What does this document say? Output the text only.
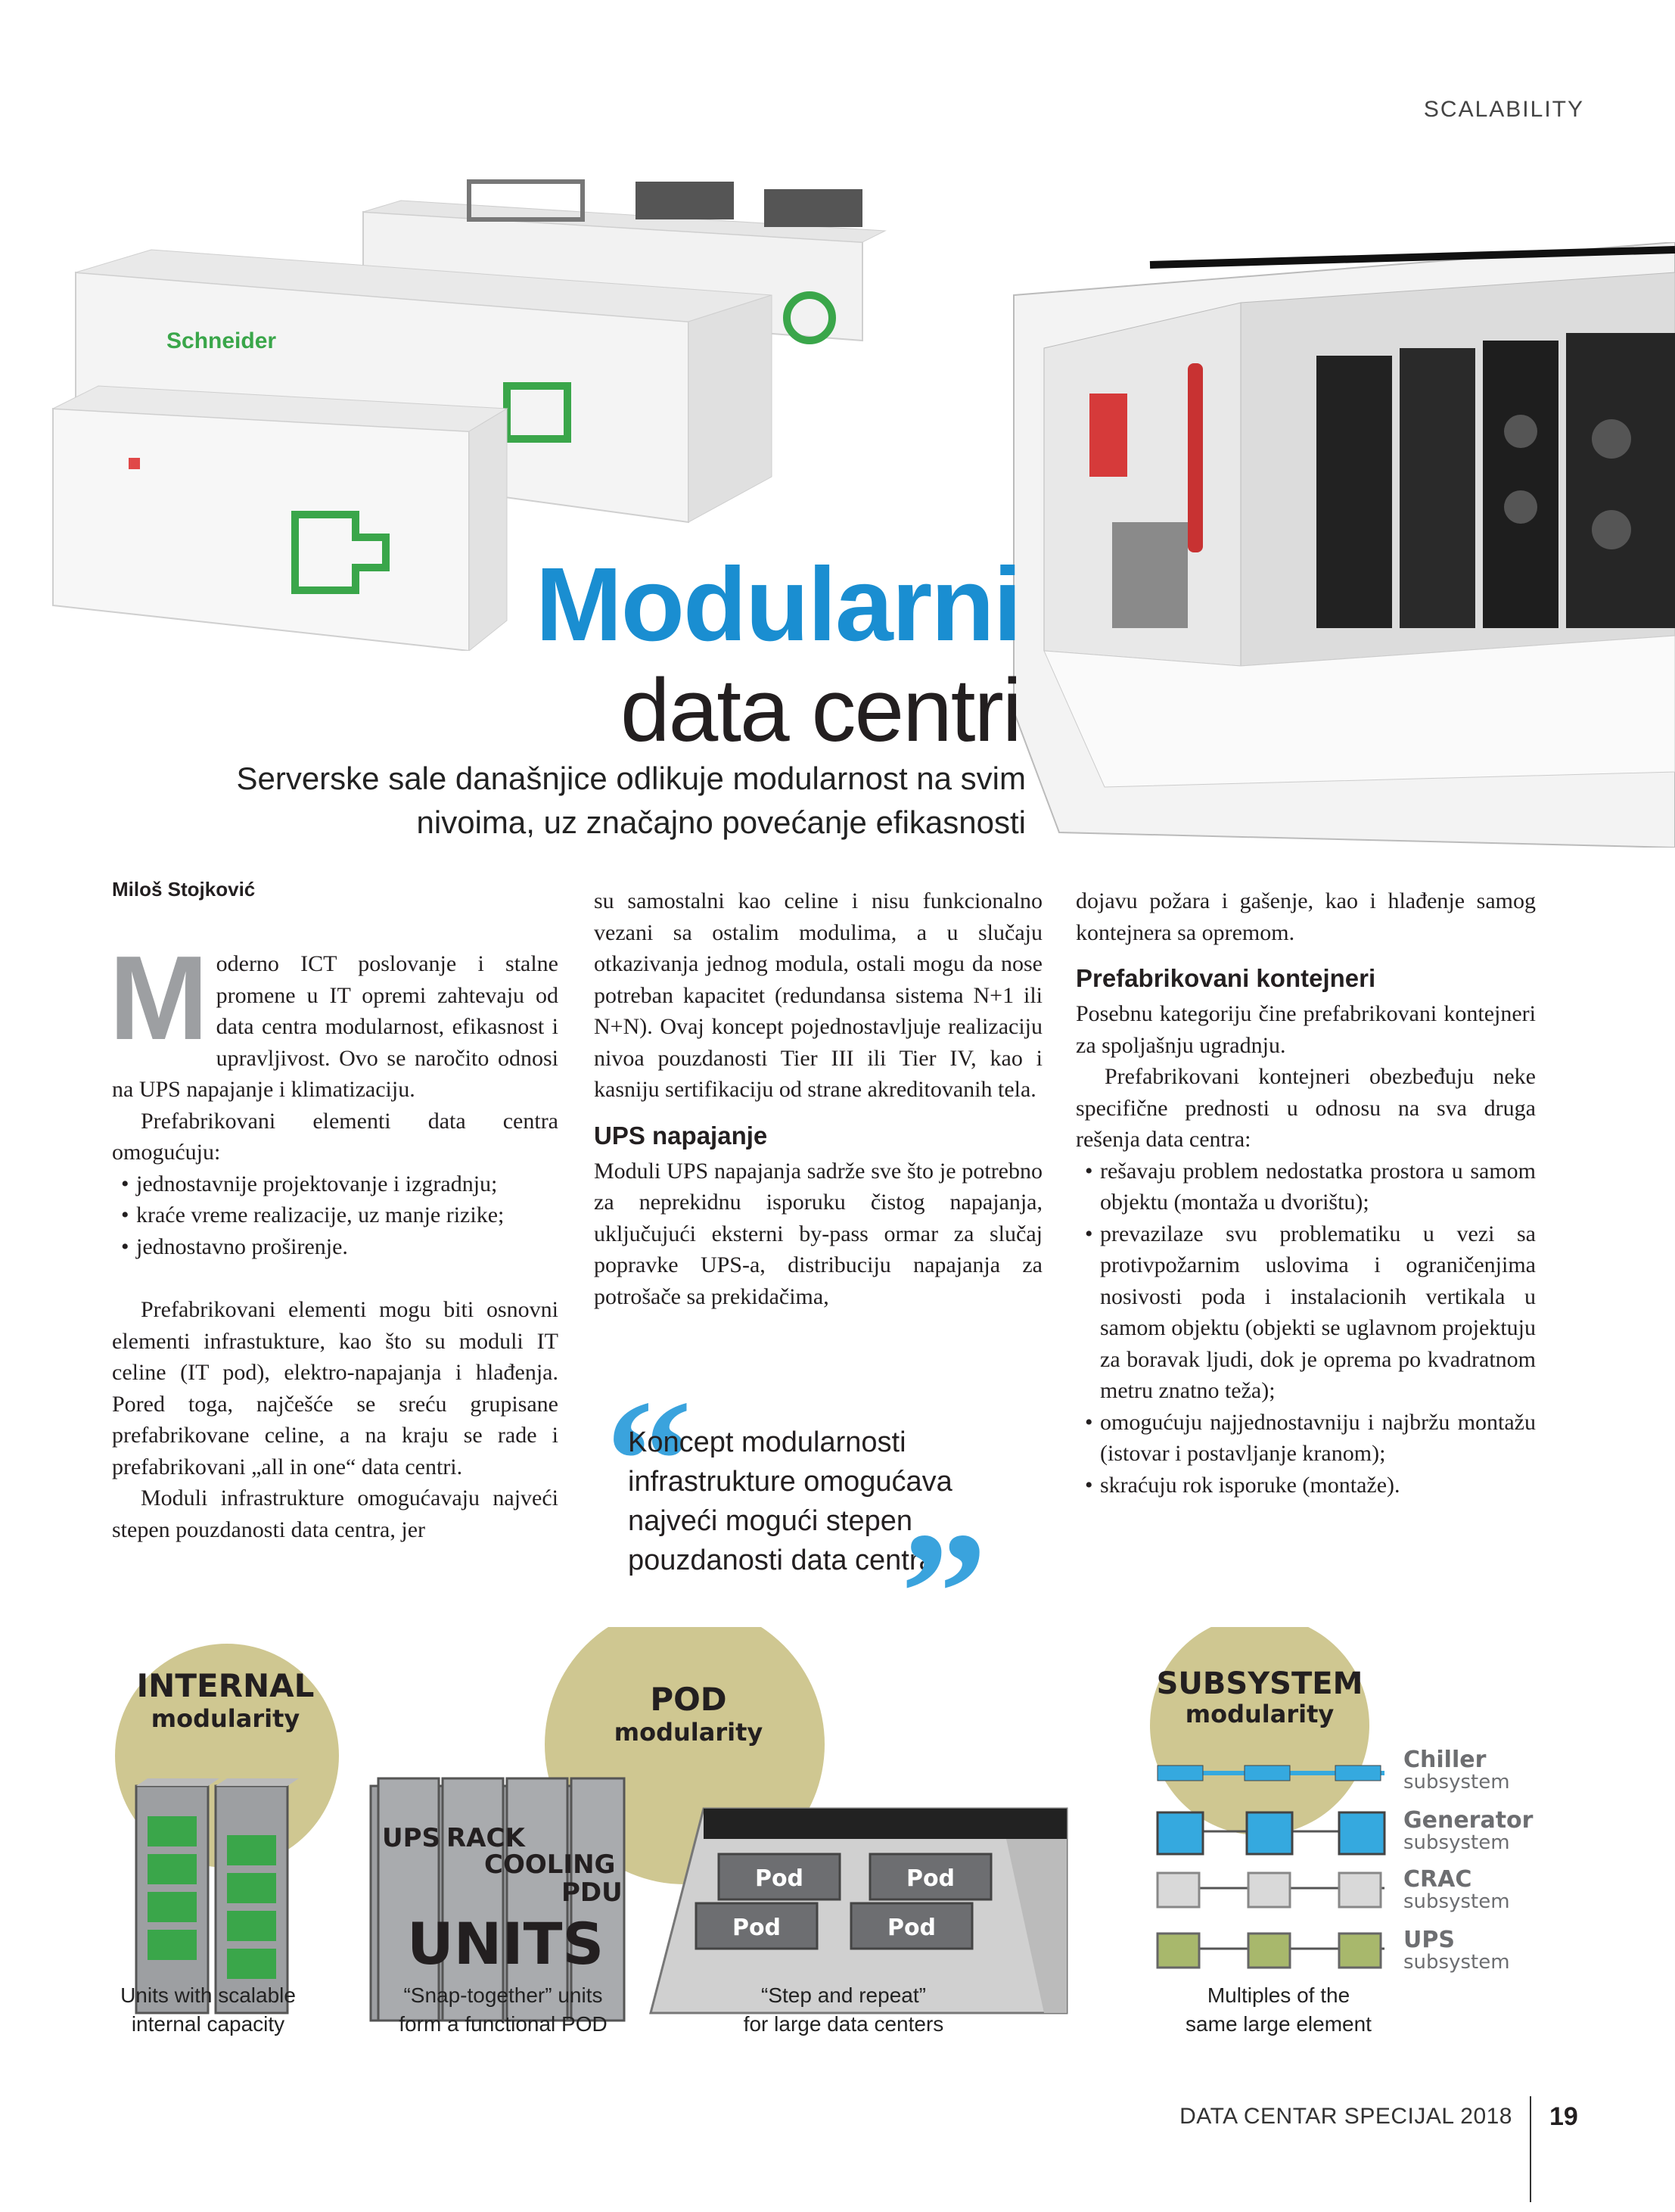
SCALABILITY
Schneider
Modularni
data centri
Serverske sale današnjice odlikuje modularnost na svim
nivoima, uz značajno povećanje efikasnosti
Miloš Stojković

Moderno ICT poslovanje i stalne promene u IT opremi zahtevaju od data centra modularnost, efikasnost i upravljivost. Ovo se naročito odnosi na UPS napajanje i klimatizaciju.

Prefabrikovani elementi data centra omogućuju:

• jednostavnije projektovanje i izgradnju;
• kraće vreme realizacije, uz manje rizike;
• jednostavno proširenje.

Prefabrikovani elementi mogu biti osnovni elementi infrastukture, kao što su moduli IT celine (IT pod), elektro-napajanja i hlađenja. Pored toga, najčešće se sreću grupisane prefabrikovane celine, a na kraju se rade i prefabrikovani „all in one“ data centri.

Moduli infrastrukture omogućavaju najveći stepen pouzdanosti data centra, jer

su samostalni kao celine i nisu funkcionalno vezani sa ostalim modulima, a u slučaju otkazivanja jednog modula, ostali mogu da nose potreban kapacitet (redundansa sistema N+1 ili N+N). Ovaj koncept pojednostavljuje realizaciju nivoa pouzdanosti Tier III ili Tier IV, kao i kasniju sertifikaciju od strane akreditovanih tela.

UPS napajanje

Moduli UPS napajanja sadrže sve što je potrebno za neprekidnu isporuku čistog napajanja, uključujući eksterni by-pass ormar za slučaj popravke UPS-a, distribuciju napajanja za potrošače sa prekidačima,

“
Koncept modularnosti infrastrukture omogućava najveći mogući stepen pouzdanosti data centra
”

dojavu požara i gašenje, kao i hlađenje samog kontejnera sa opremom.

Prefabrikovani kontejneri

Posebnu kategoriju čine prefabrikovani kontejneri za spoljašnju ugradnju.

Prefabrikovani kontejneri obezbeđuju neke specifične prednosti u odnosu na sva druga rešenja data centra:

• rešavaju problem nedostatka prostora u samom objektu (montaža u dvorištu);
• prevazilaze svu problematiku u vezi sa protivpožarnim uslovima i ograničenjima nosivosti poda i instalacionih vertikala u samom objektu (objekti se uglavnom projektuju za boravak ljudi, dok je oprema po kvadratnom metru znatno teža);
• omogućuju najjednostavniju i najbržu montažu (istovar i postavljanje kranom);
• skraćuju rok isporuke (montaže).
INTERNAL
modularity
POD
modularity
UPS RACK
COOLING
PDU
UNITS
Pod	Pod
Pod	Pod
SUBSYSTEM
modularity
Chiller
subsystem
Generator
subsystem
CRAC
subsystem
UPS
subsystem
Units with scalable
internal capacity
“Snap-together” units
form a functional POD
“Step and repeat”
for large data centers
Multiples of the
same large element
DATA CENTAR SPECIJAL 2018 19
